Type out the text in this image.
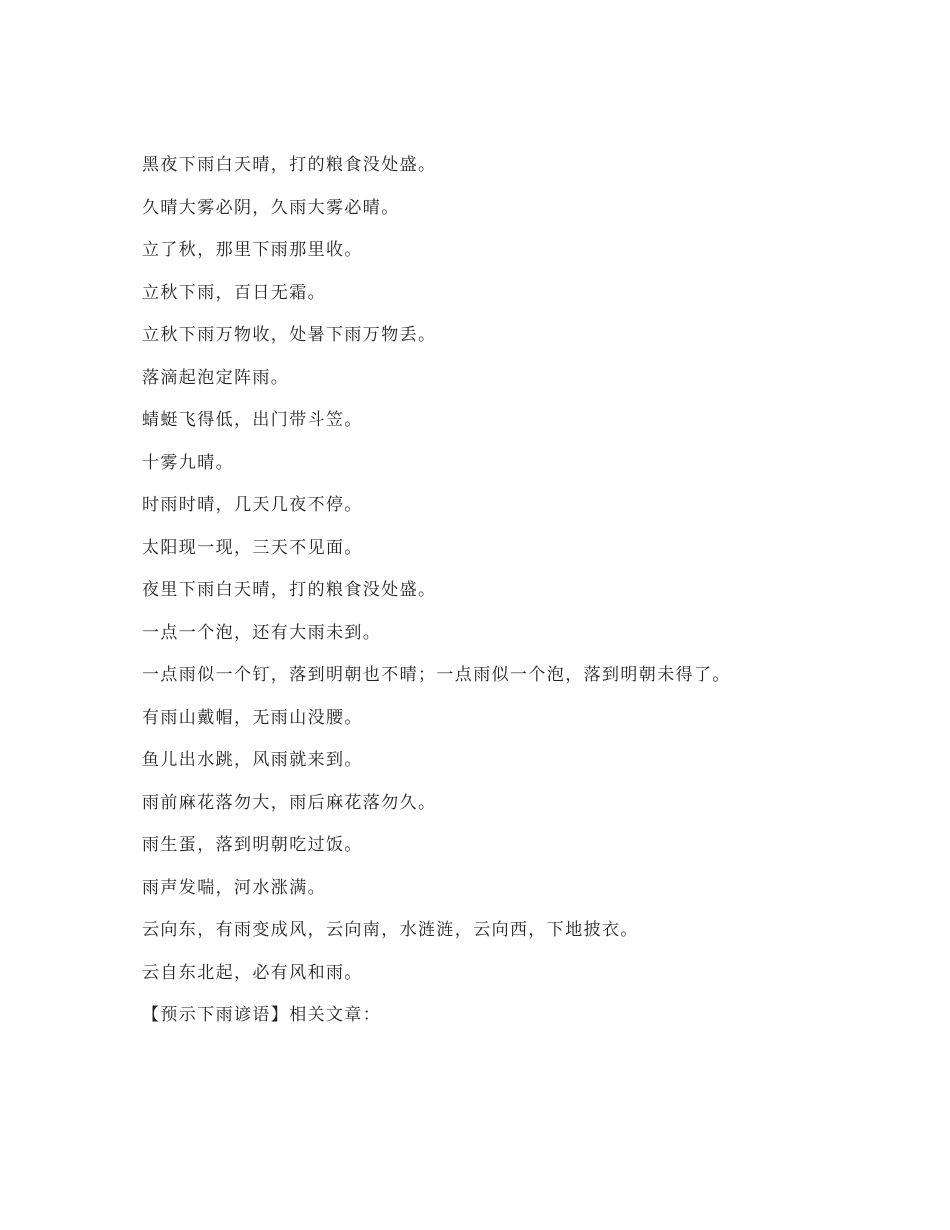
黑夜下雨白天晴，打的粮食没处盛。
久晴大雾必阴，久雨大雾必晴。
立了秋，那里下雨那里收。
立秋下雨，百日无霜。
立秋下雨万物收，处暑下雨万物丢。
落滴起泡定阵雨。
蜻蜓飞得低，出门带斗笠。
十雾九晴。
时雨时晴，几天几夜不停。
太阳现一现，三天不见面。
夜里下雨白天晴，打的粮食没处盛。
一点一个泡，还有大雨未到。
一点雨似一个钉，落到明朝也不晴；一点雨似一个泡，落到明朝未得了。
有雨山戴帽，无雨山没腰。
鱼儿出水跳，风雨就来到。
雨前麻花落勿大，雨后麻花落勿久。
雨生蛋，落到明朝吃过饭。
雨声发喘，河水涨满。
云向东，有雨变成风，云向南，水涟涟，云向西，下地披衣。
云自东北起，必有风和雨。
【预示下雨谚语】相关文章：
